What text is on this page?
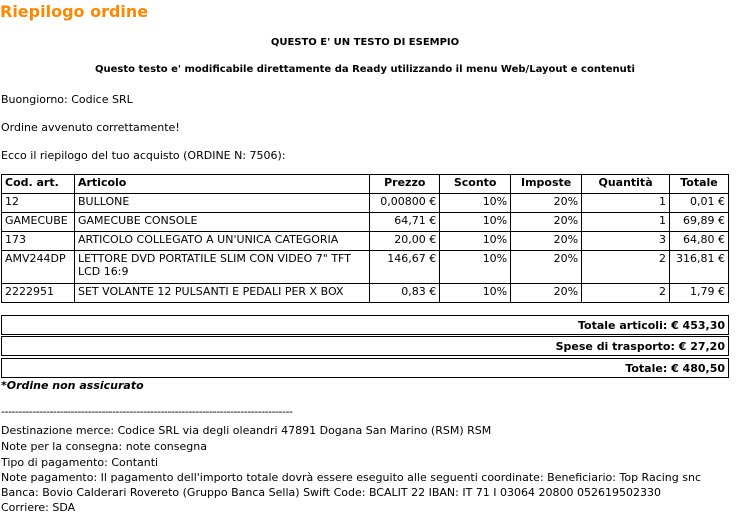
Riepilogo ordine
QUESTO E' UN TESTO DI ESEMPIO
Questo testo e' modificabile direttamente da Ready utilizzando il menu Web/Layout e contenuti
Buongiorno: Codice SRL
Ordine avvenuto correttamente!
Ecco il riepilogo del tuo acquisto (ORDINE N: 7506):
Cod. art.	Articolo	Prezzo	Sconto	Imposte	Quantità	Totale
12	BULLONE	0,00800 €	10%	20%	1	0,01 €
GAMECUBE	GAMECUBE CONSOLE	64,71 €	10%	20%	1	69,89 €
173	ARTICOLO COLLEGATO A UN'UNICA CATEGORIA	20,00 €	10%	20%	3	64,80 €
AMV244DP	LETTORE DVD PORTATILE SLIM CON VIDEO 7" TFT LCD 16:9	146,67 €	10%	20%	2	316,81 €
2222951	SET VOLANTE 12 PULSANTI E PEDALI PER X BOX	0,83 €	10%	20%	2	1,79 €
Totale articoli: € 453,30
Spese di trasporto: € 27,20
Totale: € 480,50
*Ordine non assicurato
------------------------------------------------------------------------------------
Destinazione merce: Codice SRL via degli oleandri 47891 Dogana San Marino (RSM) RSM
Note per la consegna: note consegna
Tipo di pagamento: Contanti
Note pagamento: Il pagamento dell'importo totale dovrà essere eseguito alle seguenti coordinate: Beneficiario: Top Racing snc
Banca: Bovio Calderari Rovereto (Gruppo Banca Sella) Swift Code: BCALIT 22 IBAN: IT 71 I 03064 20800 052619502330
Corriere: SDA
